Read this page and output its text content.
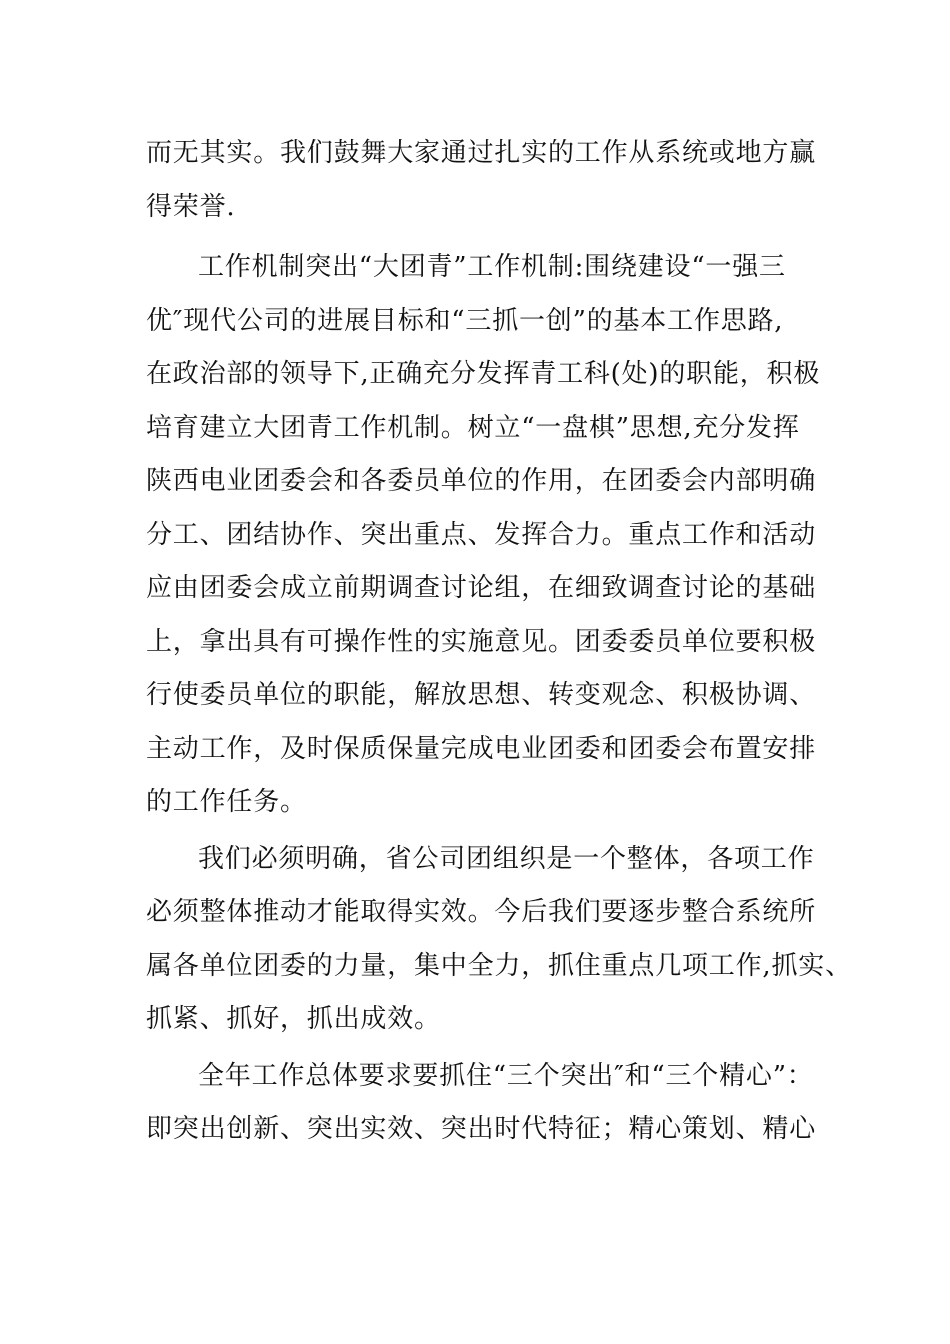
而无其实。我们鼓舞大家通过扎实的工作从系统或地方赢
得荣誉.
工作机制突出“大团青”工作机制:围绕建设“一强三
优″现代公司的进展目标和“三抓一创”的基本工作思路,
在政治部的领导下,正确充分发挥青工科(处)的职能，积极
培育建立大团青工作机制。树立“一盘棋”思想,充分发挥
陕西电业团委会和各委员单位的作用，在团委会内部明确
分工、团结协作、突出重点、发挥合力。重点工作和活动
应由团委会成立前期调查讨论组，在细致调查讨论的基础
上，拿出具有可操作性的实施意见。团委委员单位要积极
行使委员单位的职能，解放思想、转变观念、积极协调、
主动工作，及时保质保量完成电业团委和团委会布置安排
的工作任务。
我们必须明确，省公司团组织是一个整体，各项工作
必须整体推动才能取得实效。今后我们要逐步整合系统所
属各单位团委的力量，集中全力，抓住重点几项工作,抓实、
抓紧、抓好，抓出成效。
全年工作总体要求要抓住“三个突出″和“三个精心”：
即突出创新、突出实效、突出时代特征；精心策划、精心
